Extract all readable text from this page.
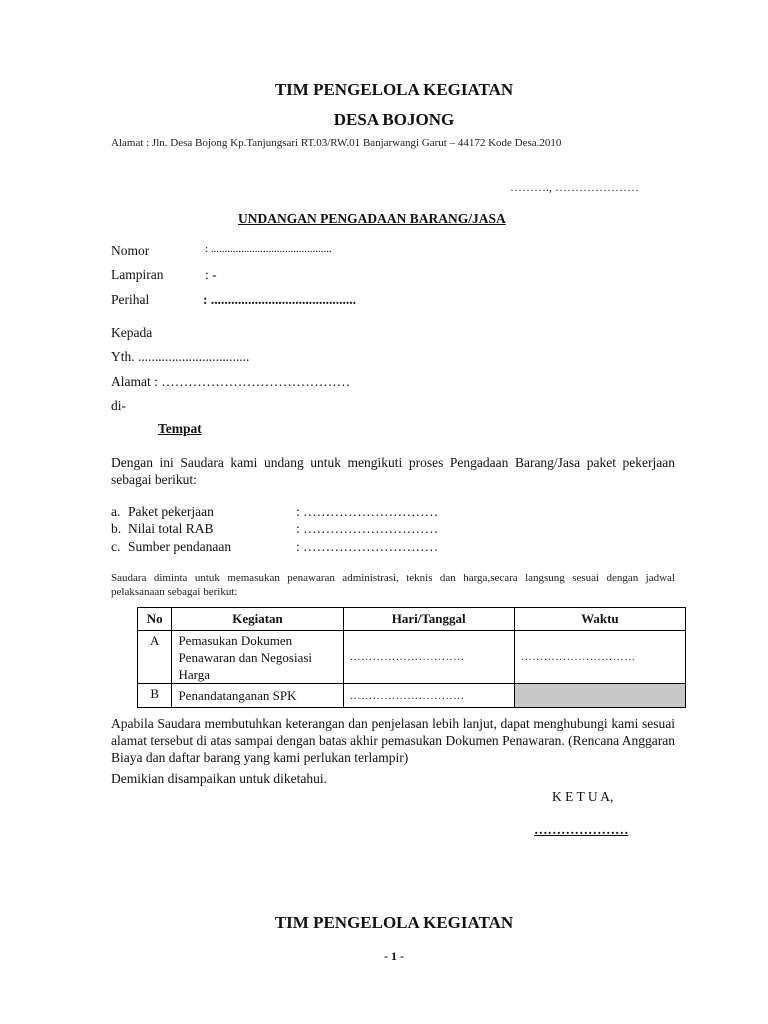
TIM PENGELOLA KEGIATAN
DESA BOJONG
Alamat : Jln. Desa Bojong Kp.Tanjungsari RT.03/RW.01 Banjarwangi Garut – 44172 Kode Desa.2010
………., …………………
UNDANGAN PENGADAAN BARANG/JASA
Nomor	: ............................................
Lampiran	: -
Perihal	: ...........................................
Kepada
Yth. .................................
Alamat : ……………………………………
di-
Tempat
Dengan ini Saudara kami undang untuk mengikuti proses Pengadaan Barang/Jasa paket pekerjaan sebagai berikut:
a. Paket pekerjaan	: …………………………
b. Nilai total RAB	: …………………………
c. Sumber pendanaan	: …………………………
Saudara diminta untuk memasukan penawaran administrasi, teknis dan harga,secara langsung sesuai dengan jadwal pelaksanaan sebagai berikut:
No	Kegiatan	Hari/Tanggal	Waktu
A	Pemasukan Dokumen Penawaran dan Negosiasi Harga	…………………………	…………………………
B	Penandatanganan SPK	…………………………	
Apabila Saudara membutuhkan keterangan dan penjelasan lebih lanjut, dapat menghubungi kami sesuai alamat tersebut di atas sampai dengan batas akhir pemasukan Dokumen Penawaran. (Rencana Anggaran Biaya dan daftar barang yang kami perlukan terlampir)
Demikian disampaikan untuk diketahui.
K E T U A,
…………………
TIM PENGELOLA KEGIATAN
- 1 -
